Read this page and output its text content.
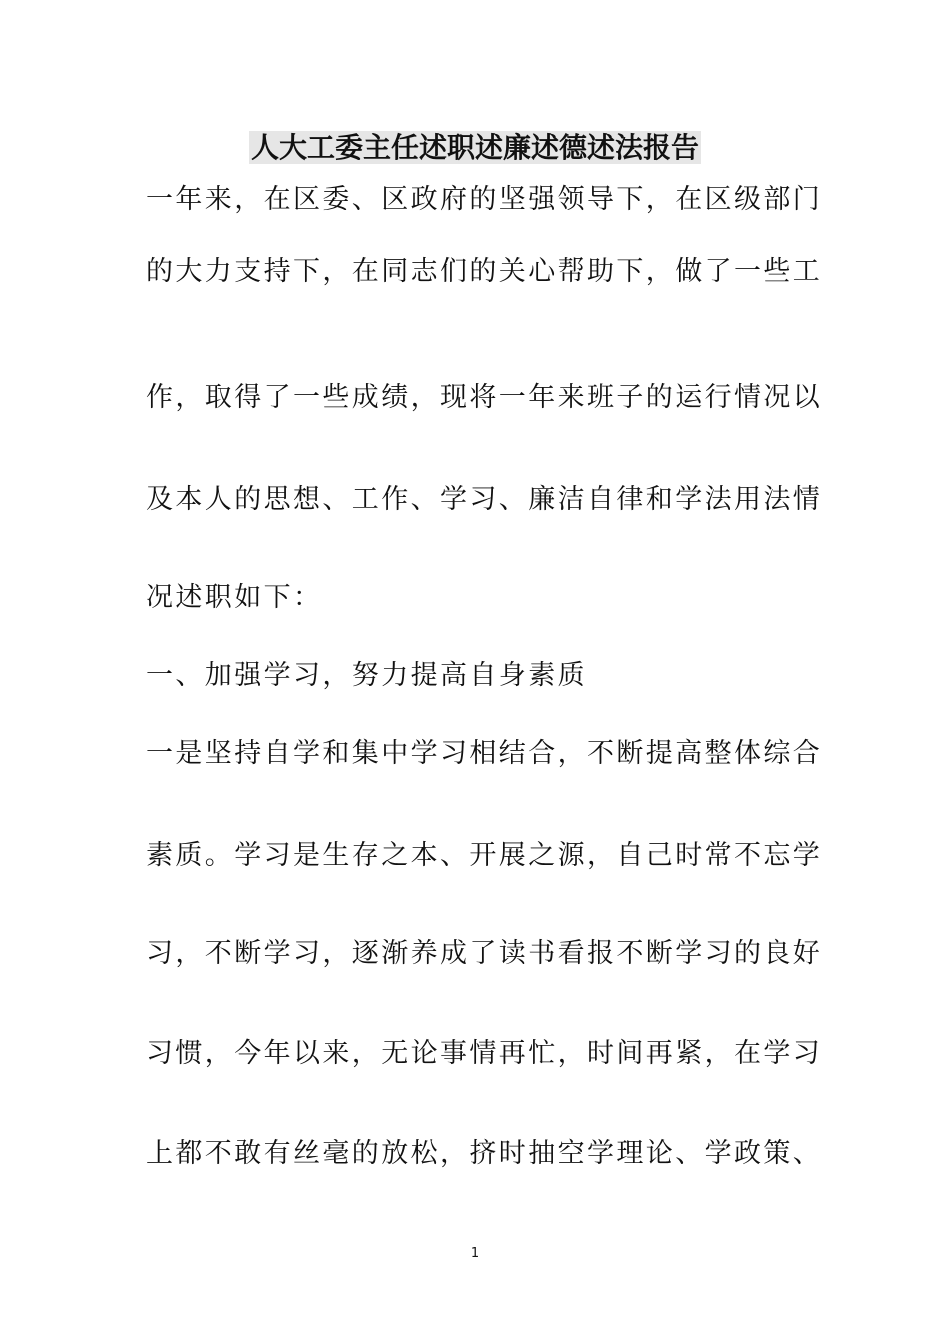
人大工委主任述职述廉述德述法报告
一年来，在区委、区政府的坚强领导下，在区级部门
的大力支持下，在同志们的关心帮助下，做了一些工
作，取得了一些成绩，现将一年来班子的运行情况以
及本人的思想、工作、学习、廉洁自律和学法用法情
况述职如下：
一、加强学习，努力提高自身素质
一是坚持自学和集中学习相结合，不断提高整体综合
素质。学习是生存之本、开展之源，自己时常不忘学
习，不断学习，逐渐养成了读书看报不断学习的良好
习惯，今年以来，无论事情再忙，时间再紧，在学习
上都不敢有丝毫的放松，挤时抽空学理论、学政策、
1
